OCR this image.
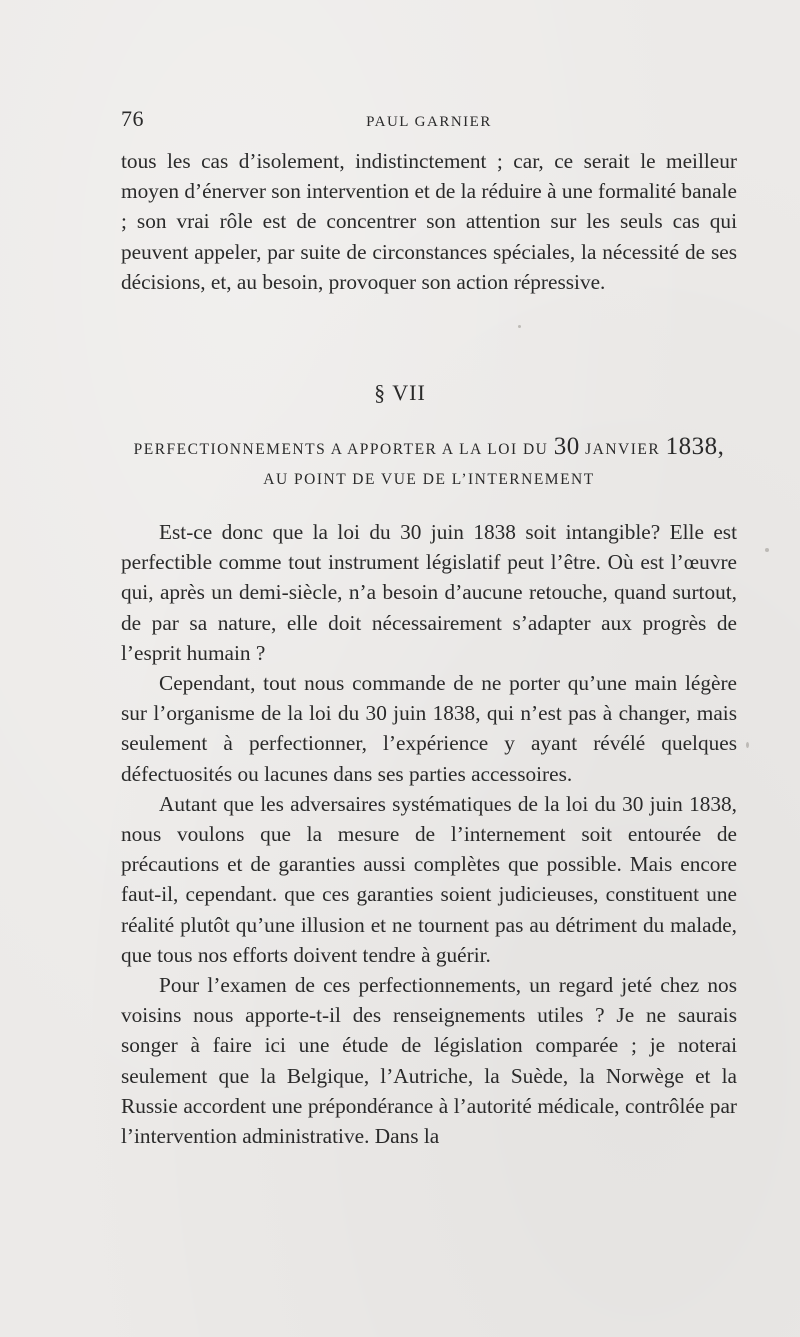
76	PAUL GARNIER

tous les cas d’isolement, indistinctement ; car, ce serait le meilleur moyen d’énerver son intervention et de la réduire à une formalité banale ; son vrai rôle est de concentrer son attention sur les seuls cas qui peuvent appeler, par suite de circonstances spéciales, la nécessité de ses décisions, et, au besoin, provoquer son action répressive.

§ VII
PERFECTIONNEMENTS A APPORTER A LA LOI DU 30 JANVIER 1838,
AU POINT DE VUE DE L’INTERNEMENT

Est-ce donc que la loi du 30 juin 1838 soit intangible? Elle est perfectible comme tout instrument législatif peut l’être. Où est l’œuvre qui, après un demi-siècle, n’a besoin d’aucune retouche, quand surtout, de par sa nature, elle doit nécessairement s’adapter aux progrès de l’esprit humain ?

Cependant, tout nous commande de ne porter qu’une main légère sur l’organisme de la loi du 30 juin 1838, qui n’est pas à changer, mais seulement à perfectionner, l’expérience y ayant révélé quelques défectuosités ou lacunes dans ses parties accessoires.

Autant que les adversaires systématiques de la loi du 30 juin 1838, nous voulons que la mesure de l’internement soit entourée de précautions et de garanties aussi complètes que possible. Mais encore faut-il, cependant. que ces garanties soient judicieuses, constituent une réalité plutôt qu’une illusion et ne tournent pas au détriment du malade, que tous nos efforts doivent tendre à guérir.

Pour l’examen de ces perfectionnements, un regard jeté chez nos voisins nous apporte-t-il des renseignements utiles ? Je ne saurais songer à faire ici une étude de législation comparée ; je noterai seulement que la Belgique, l’Autriche, la Suède, la Norwège et la Russie accordent une prépondérance à l’autorité médicale, contrôlée par l’intervention administrative. Dans la
